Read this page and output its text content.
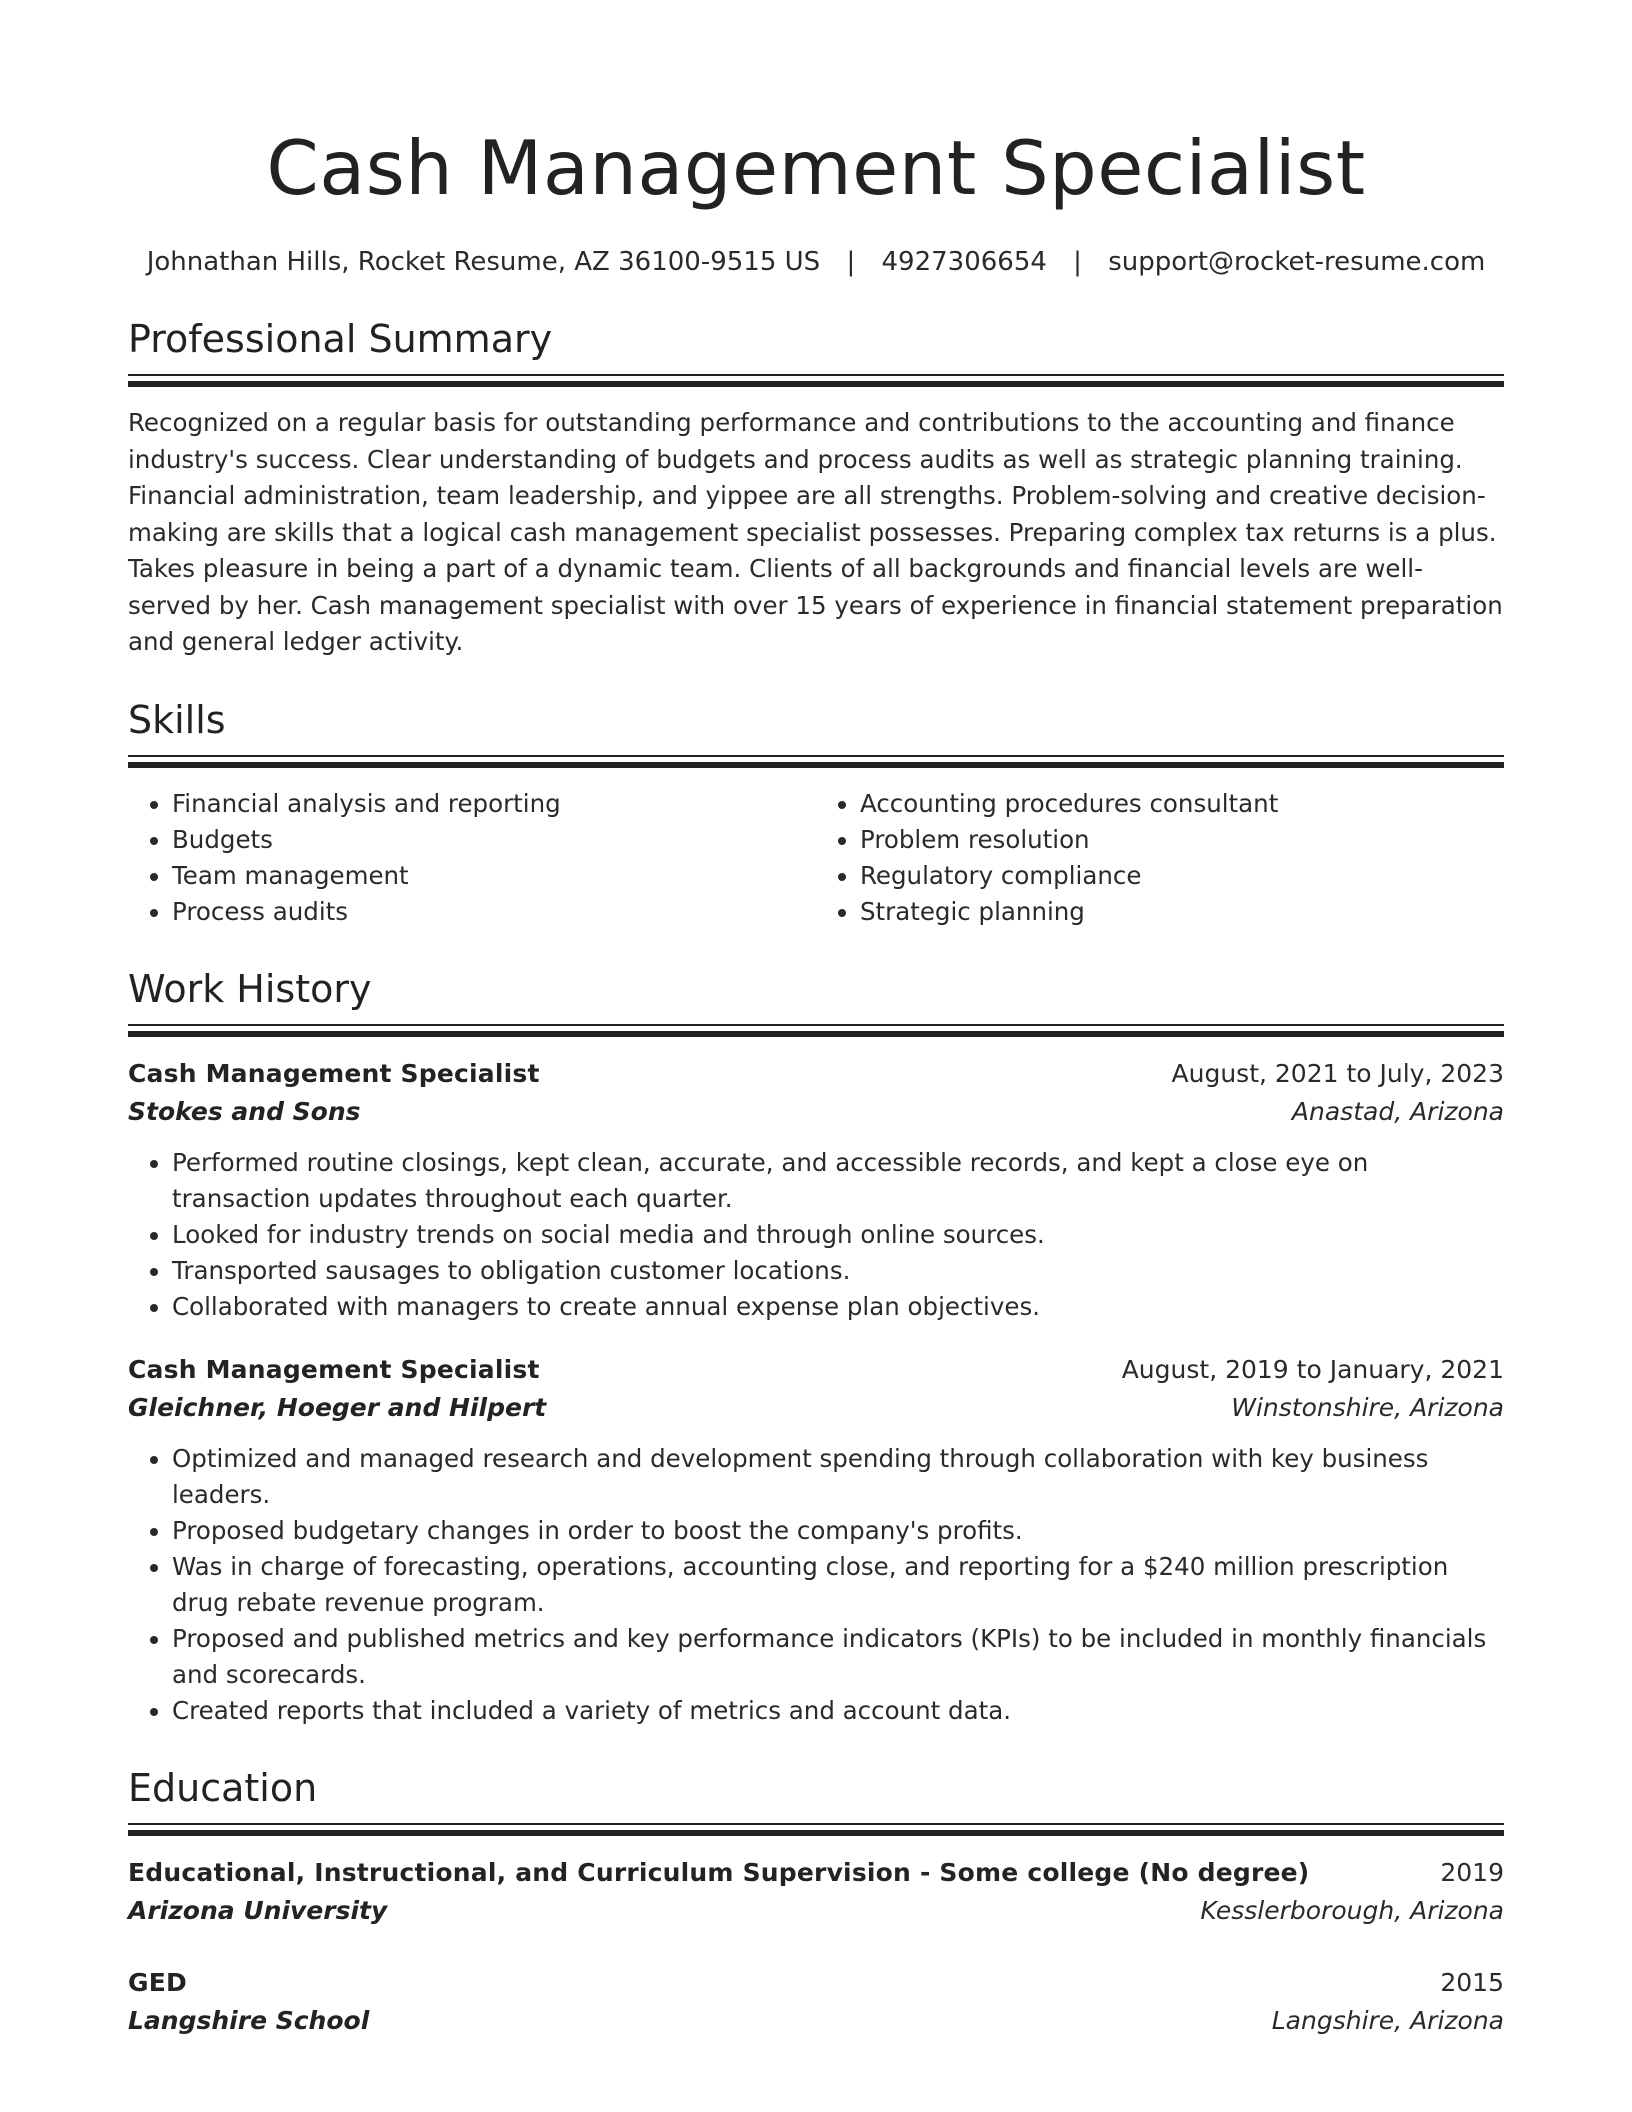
Cash Management Specialist
Johnathan Hills, Rocket Resume, AZ 36100-9515 US | 4927306654 | support@rocket-resume.com
Professional Summary

Recognized on a regular basis for outstanding performance and contributions to the accounting and finance industry's success. Clear understanding of budgets and process audits as well as strategic planning training. Financial administration, team leadership, and yippee are all strengths. Problem-solving and creative decision-making are skills that a logical cash management specialist possesses. Preparing complex tax returns is a plus. Takes pleasure in being a part of a dynamic team. Clients of all backgrounds and financial levels are well-served by her. Cash management specialist with over 15 years of experience in financial statement preparation and general ledger activity.

Skills
• Financial analysis and reporting
• Budgets
• Team management
• Process audits
• Accounting procedures consultant
• Problem resolution
• Regulatory compliance
• Strategic planning
Work History
Cash Management Specialist	August, 2021 to July, 2023
Stokes and Sons	Anastad, Arizona
• Performed routine closings, kept clean, accurate, and accessible records, and kept a close eye on transaction updates throughout each quarter.
• Looked for industry trends on social media and through online sources.
• Transported sausages to obligation customer locations.
• Collaborated with managers to create annual expense plan objectives.
Cash Management Specialist	August, 2019 to January, 2021
Gleichner, Hoeger and Hilpert	Winstonshire, Arizona
• Optimized and managed research and development spending through collaboration with key business leaders.
• Proposed budgetary changes in order to boost the company's profits.
• Was in charge of forecasting, operations, accounting close, and reporting for a $240 million prescription drug rebate revenue program.
• Proposed and published metrics and key performance indicators (KPIs) to be included in monthly financials and scorecards.
• Created reports that included a variety of metrics and account data.
Education
Educational, Instructional, and Curriculum Supervision - Some college (No degree)	2019
Arizona University	Kesslerborough, Arizona
GED	2015
Langshire School	Langshire, Arizona
